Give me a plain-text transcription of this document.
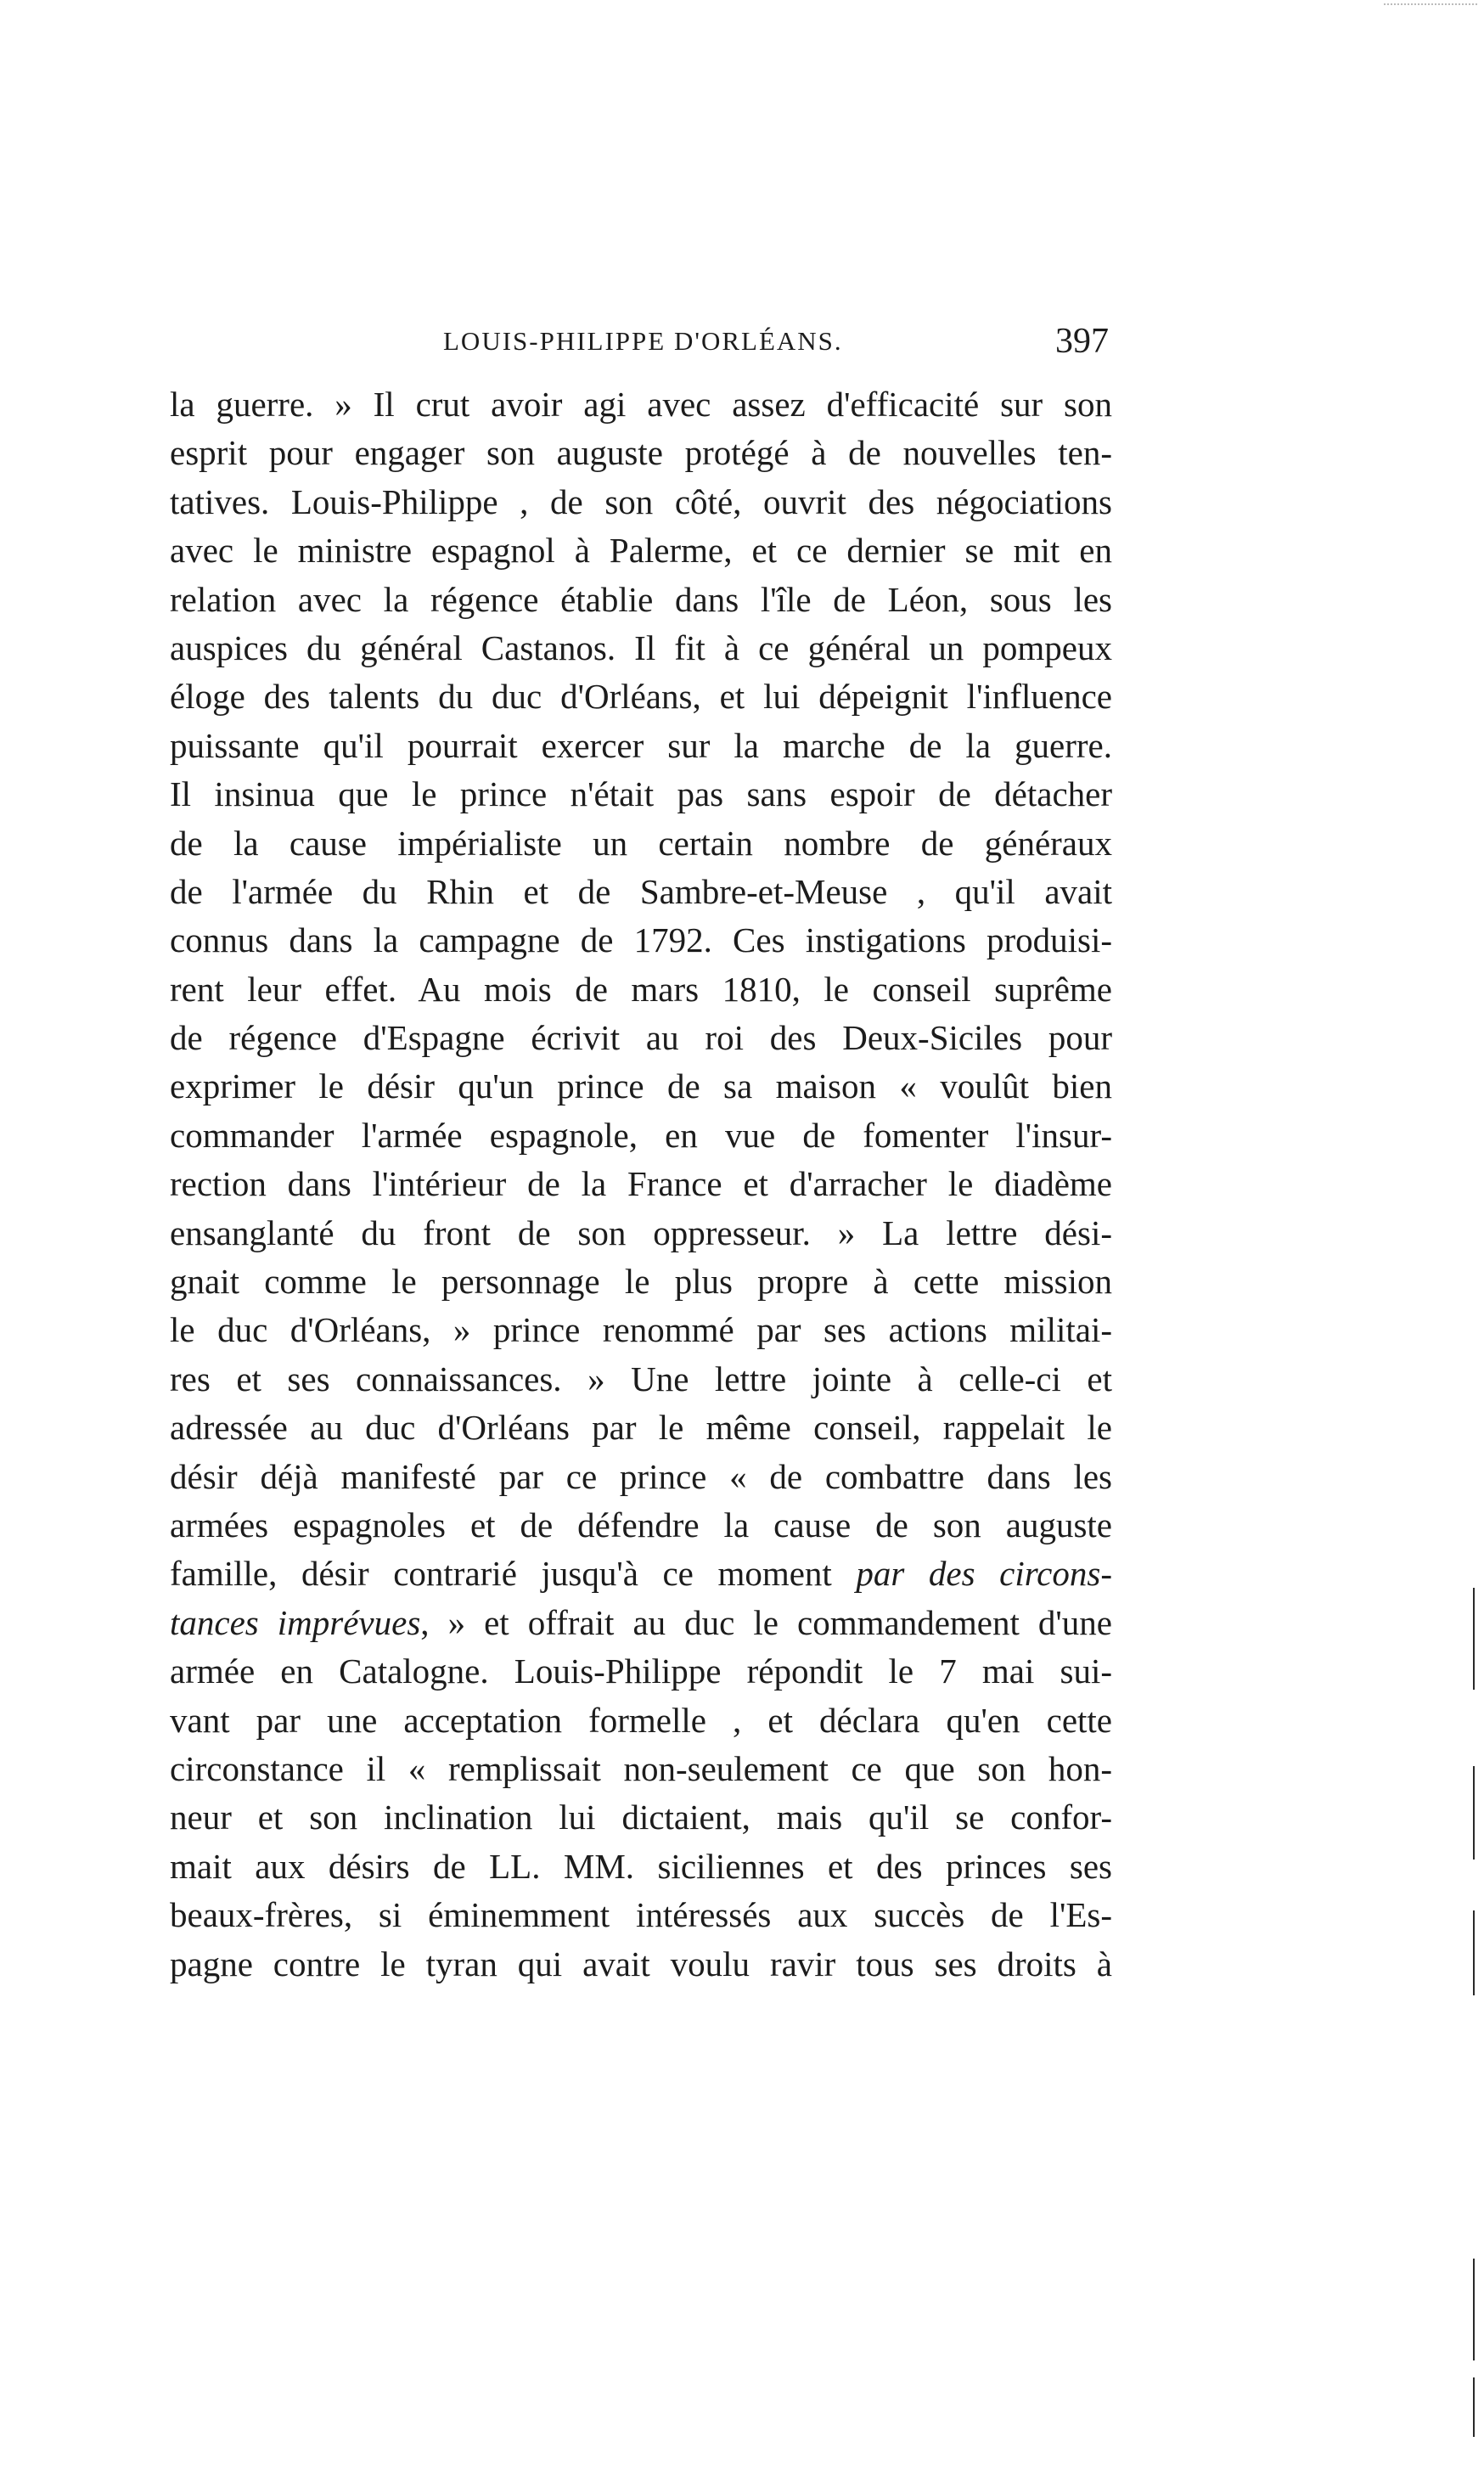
LOUIS-PHILIPPE D'ORLÉANS.	397
la guerre. » Il crut avoir agi avec assez d'efficacité sur son
esprit pour engager son auguste protégé à de nouvelles ten-
tatives. Louis-Philippe , de son côté, ouvrit des négociations
avec le ministre espagnol à Palerme, et ce dernier se mit en
relation avec la régence établie dans l'île de Léon, sous les
auspices du général Castanos. Il fit à ce général un pompeux
éloge des talents du duc d'Orléans, et lui dépeignit l'influence
puissante qu'il pourrait exercer sur la marche de la guerre.
Il insinua que le prince n'était pas sans espoir de détacher
de la cause impérialiste un certain nombre de généraux
de l'armée du Rhin et de Sambre-et-Meuse , qu'il avait
connus dans la campagne de 1792. Ces instigations produisi-
rent leur effet. Au mois de mars 1810, le conseil suprême
de régence d'Espagne écrivit au roi des Deux-Siciles pour
exprimer le désir qu'un prince de sa maison « voulût bien
commander l'armée espagnole, en vue de fomenter l'insur-
rection dans l'intérieur de la France et d'arracher le diadème
ensanglanté du front de son oppresseur. » La lettre dési-
gnait comme le personnage le plus propre à cette mission
le duc d'Orléans, » prince renommé par ses actions militai-
res et ses connaissances. » Une lettre jointe à celle-ci et
adressée au duc d'Orléans par le même conseil, rappelait le
désir déjà manifesté par ce prince « de combattre dans les
armées espagnoles et de défendre la cause de son auguste
famille, désir contrarié jusqu'à ce moment par des circons-
tances imprévues, » et offrait au duc le commandement d'une
armée en Catalogne. Louis-Philippe répondit le 7 mai sui-
vant par une acceptation formelle , et déclara qu'en cette
circonstance il « remplissait non-seulement ce que son hon-
neur et son inclination lui dictaient, mais qu'il se confor-
mait aux désirs de LL. MM. siciliennes et des princes ses
beaux-frères, si éminemment intéressés aux succès de l'Es-
pagne contre le tyran qui avait voulu ravir tous ses droits à
